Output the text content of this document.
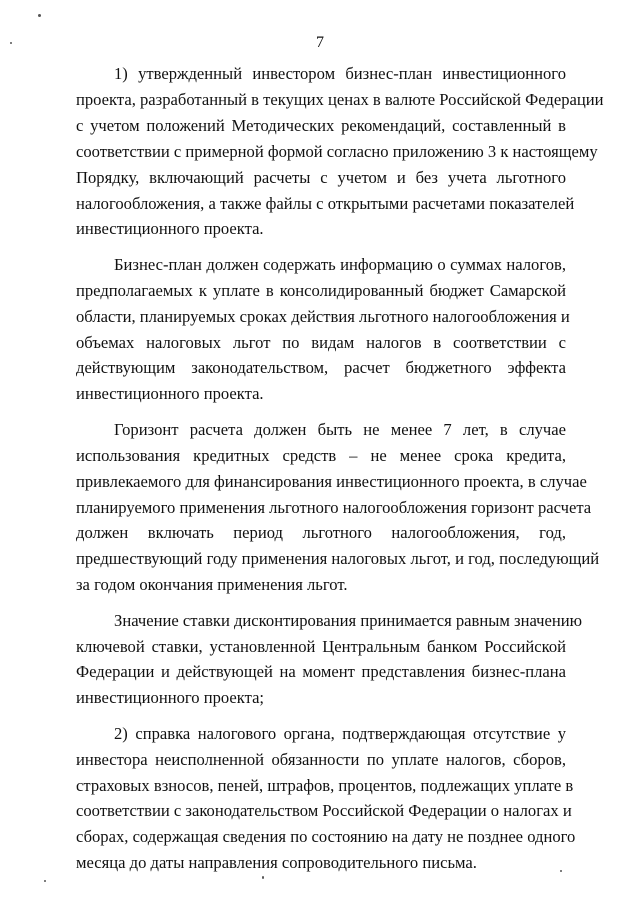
7
1) утвержденный инвестором бизнес-план инвестиционного
проекта, разработанный в текущих ценах в валюте Российской Федерации
с учетом положений Методических рекомендаций, составленный в
соответствии с примерной формой согласно приложению 3 к настоящему
Порядку, включающий расчеты с учетом и без учета льготного
налогообложения, а также файлы с открытыми расчетами показателей
инвестиционного проекта.
Бизнес-план должен содержать информацию о суммах налогов,
предполагаемых к уплате в консолидированный бюджет Самарской
области, планируемых сроках действия льготного налогообложения и
объемах налоговых льгот по видам налогов в соответствии с
действующим законодательством, расчет бюджетного эффекта
инвестиционного проекта.
Горизонт расчета должен быть не менее 7 лет, в случае
использования кредитных средств – не менее срока кредита,
привлекаемого для финансирования инвестиционного проекта, в случае
планируемого применения льготного налогообложения горизонт расчета
должен включать период льготного налогообложения, год,
предшествующий году применения налоговых льгот, и год, последующий
за годом окончания применения льгот.
Значение ставки дисконтирования принимается равным значению
ключевой ставки, установленной Центральным банком Российской
Федерации и действующей на момент представления бизнес-плана
инвестиционного проекта;
2) справка налогового органа, подтверждающая отсутствие у
инвестора неисполненной обязанности по уплате налогов, сборов,
страховых взносов, пеней, штрафов, процентов, подлежащих уплате в
соответствии с законодательством Российской Федерации о налогах и
сборах, содержащая сведения по состоянию на дату не позднее одного
месяца до даты направления сопроводительного письма.
